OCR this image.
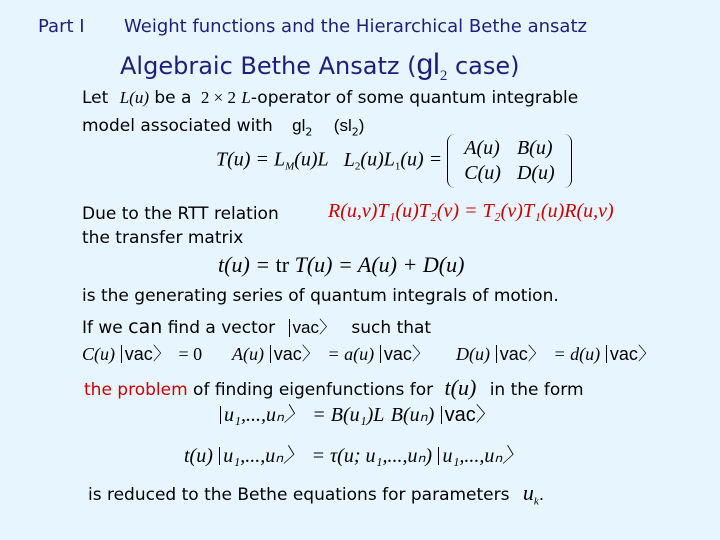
Part I Weight functions and the Hierarchical Bethe ansatz
Algebraic Bethe Ansatz ($gl_2$ case)
Let L(u) be a 2 × 2 L-operator of some quantum integrable
model associated with $gl_2$ $(sl_2)$
$T(u) = L_M(u)L$ $L_2(u)L_1(u)$ =
A(u)	B(u)
C(u)	D(u)
Due to the RTT relation
the transfer matrix
R(u,v)T₁(u)T₂(v) = T₂(v)T₁(u)R(u,v)
t(u) = tr T(u) = A(u) + D(u)
is the generating series of quantum integrals of motion.
If we can find a vector vac〉 such that
C(u) vac〉 = 0 A(u) vac〉 = a(u) vac〉 D(u) vac〉 = d(u) vac〉
the problem of finding eigenfunctions for t(u) in the form
u₁,...,uₙ〉 = B(u₁)L B(uₙ) vac〉
t(u) u₁,...,uₙ〉 = τ(u; u₁,...,uₙ) u₁,...,uₙ〉
is reduced to the Bethe equations for parameters $u_k$.
